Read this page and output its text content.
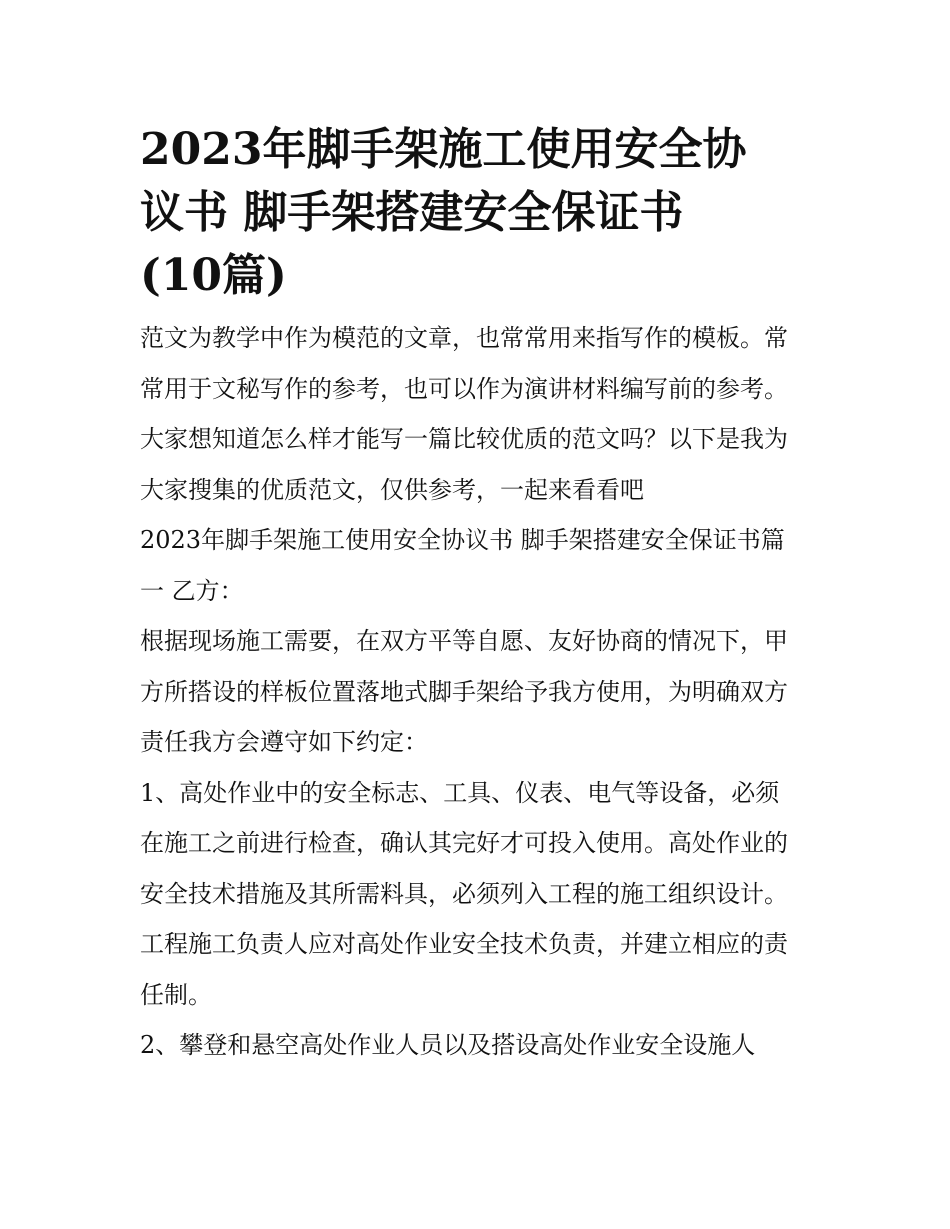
2023年脚手架施工使用安全协
议书 脚手架搭建安全保证书
(10篇)

范文为教学中作为模范的文章，也常常用来指写作的模板。常
常用于文秘写作的参考，也可以作为演讲材料编写前的参考。
大家想知道怎么样才能写一篇比较优质的范文吗？以下是我为
大家搜集的优质范文，仅供参考，一起来看看吧

2023年脚手架施工使用安全协议书 脚手架搭建安全保证书篇
一 乙方：

根据现场施工需要，在双方平等自愿、友好协商的情况下，甲
方所搭设的样板位置落地式脚手架给予我方使用，为明确双方
责任我方会遵守如下约定：

1、高处作业中的安全标志、工具、仪表、电气等设备，必须
在施工之前进行检查，确认其完好才可投入使用。高处作业的
安全技术措施及其所需料具，必须列入工程的施工组织设计。
工程施工负责人应对高处作业安全技术负责，并建立相应的责
任制。

2、攀登和悬空高处作业人员以及搭设高处作业安全设施人
